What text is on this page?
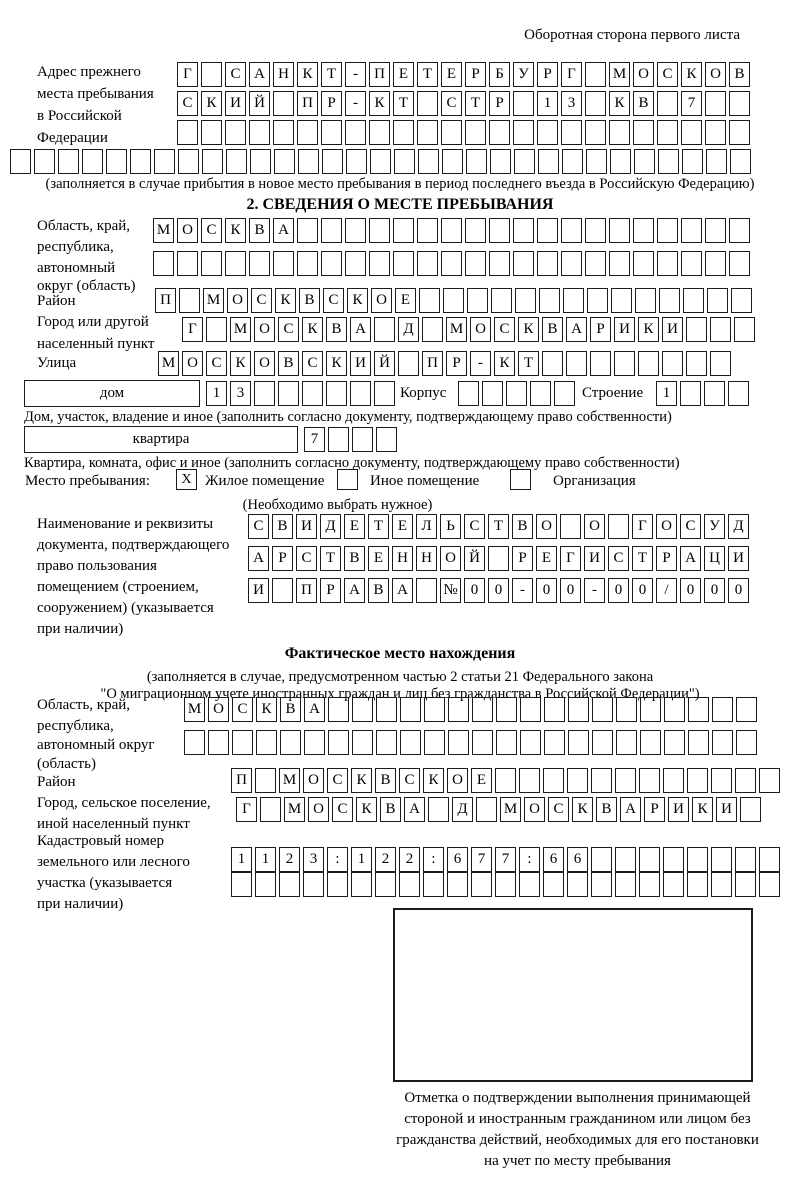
Оборотная сторона первого листа
Адрес прежнего
места пребывания
в Российской
Федерации
Г	С А Н К Т	-	П Е Т Е	Р	Б У Р	Г	М О С К О В
С К И Й	П Р	-	К Т	С Т	Р	1	3	К В	7
(заполняется в случае прибытия в новое место пребывания в период последнего въезда в Российскую Федерацию)
2. СВЕДЕНИЯ О МЕСТЕ ПРЕБЫВАНИЯ
Область, край,
республика,
автономный
округ (область)
М О С К В А
Район	П	М О С К В С К О Е
Город или другой
населенный пункт
Г	М О С К В А	Д	М О С К В А Р И К И
Улица	М О С К О В С К И Й	П Р	-	К Т
дом	1	3	Корпус	Строение	1
Дом, участок, владение и иное (заполнить согласно документу, подтверждающему право собственности)
квартира	7
Квартира, комната, офис и иное (заполнить согласно документу, подтверждающему право собственности)
Место пребывания:	X Жилое помещение	Иное помещение	Организация
(Необходимо выбрать нужное)
Наименование и реквизиты
документа, подтверждающего
право пользования
помещением (строением,
сооружением) (указывается
при наличии)
С В И Д Е Т Е Л Ь С Т В О	О	Г О С У Д
А Р С Т В Е Н Н О Й	Р	Е	Г И С Т	Р А Ц И
И	П Р А В А	№ 0	0	-	0	0	-	0	0	/	0	0	0
Фактическое место нахождения
(заполняется в случае, предусмотренном частью 2 статьи 21 Федерального закона
"О миграционном учете иностранных граждан и лиц без гражданства в Российской Федерации")
Область, край,
республика,
автономный округ
(область)
М О С К В А
Район	П	М О С К В С К О Е
Город, сельское поселение,
иной населенный пункт
Г	М О С К В А	Д	М О С К В А Р И К И
Кадастровый номер
земельного или лесного
участка (указывается
при наличии)
1	1	2	3	:	1	2	2	:	6	7	7	:	6	6
Отметка о подтверждении выполнения принимающей
стороной и иностранным гражданином или лицом без
гражданства действий, необходимых для его постановки
на учет по месту пребывания
